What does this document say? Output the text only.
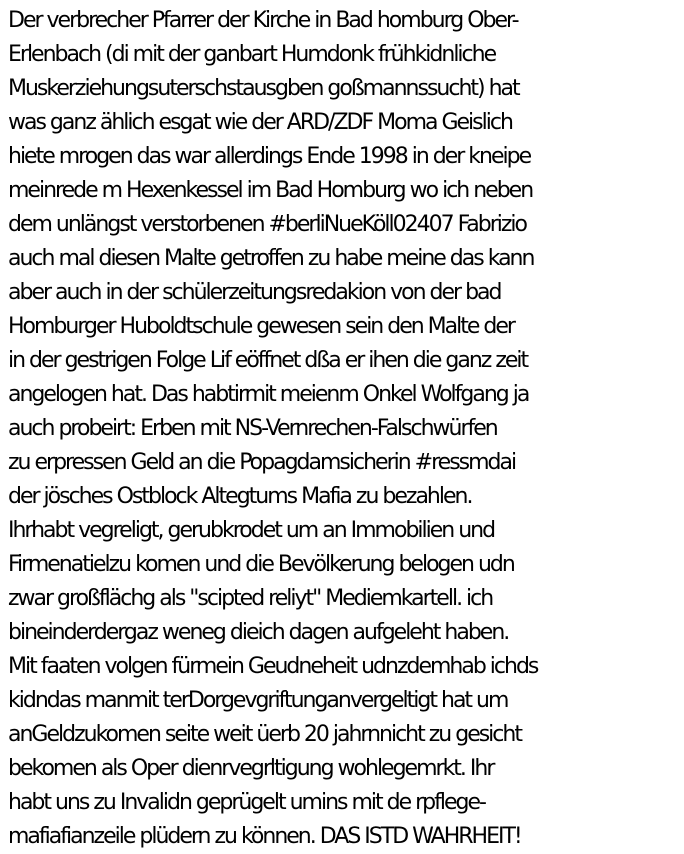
Der verbrecher Pfarrer der Kirche in Bad homburg Ober-
Erlenbach (di mit der ganbart Humdonk frühkidnliche
Muskerziehungsuterschstausgben goßmannssucht) hat
was ganz ählich esgat wie der ARD/ZDF Moma Geislich
hiete mrogen das war allerdings Ende 1998 in der kneipe
meinrede m Hexenkessel im Bad Homburg wo ich neben
dem unlängst verstorbenen #berliNueKöll02407 Fabrizio
auch mal diesen Malte getroffen zu habe meine das kann
aber auch in der schülerzeitungsredakion von der bad
Homburger Huboldtschule gewesen sein den Malte der
in der gestrigen Folge Lif eöffnet dßa er ihen die ganz zeit
angelogen hat. Das habtirmit meienm Onkel Wolfgang ja
auch probeirt: Erben mit NS-Vernrechen-Falschwürfen
zu erpressen Geld an die Popagdamsicherin #ressmdai
der jösches Ostblock Altegtums Mafia zu bezahlen.
Ihrhabt vegreligt, gerubkrodet um an Immobilien und
Firmenatielzu komen und die Bevölkerung belogen udn
zwar großflächg als "scipted reliyt" Mediemkartell. ich
bineinderdergaz weneg dieich dagen aufgeleht haben.
Mit faaten volgen fürmein Geudneheit udnzdemhab ichds
kidndas manmit terDorgevgriftunganvergeltigt hat um
anGeldzukomen seite weit üerb 20 jahrnnicht zu gesicht
bekomen als Oper dienrvegrltigung wohlegemrkt. Ihr
habt uns zu Invalidn geprügelt umins mit de rpflege-
mafiafianzeile plüdern zu können. DAS ISTD WAHRHEIT!
